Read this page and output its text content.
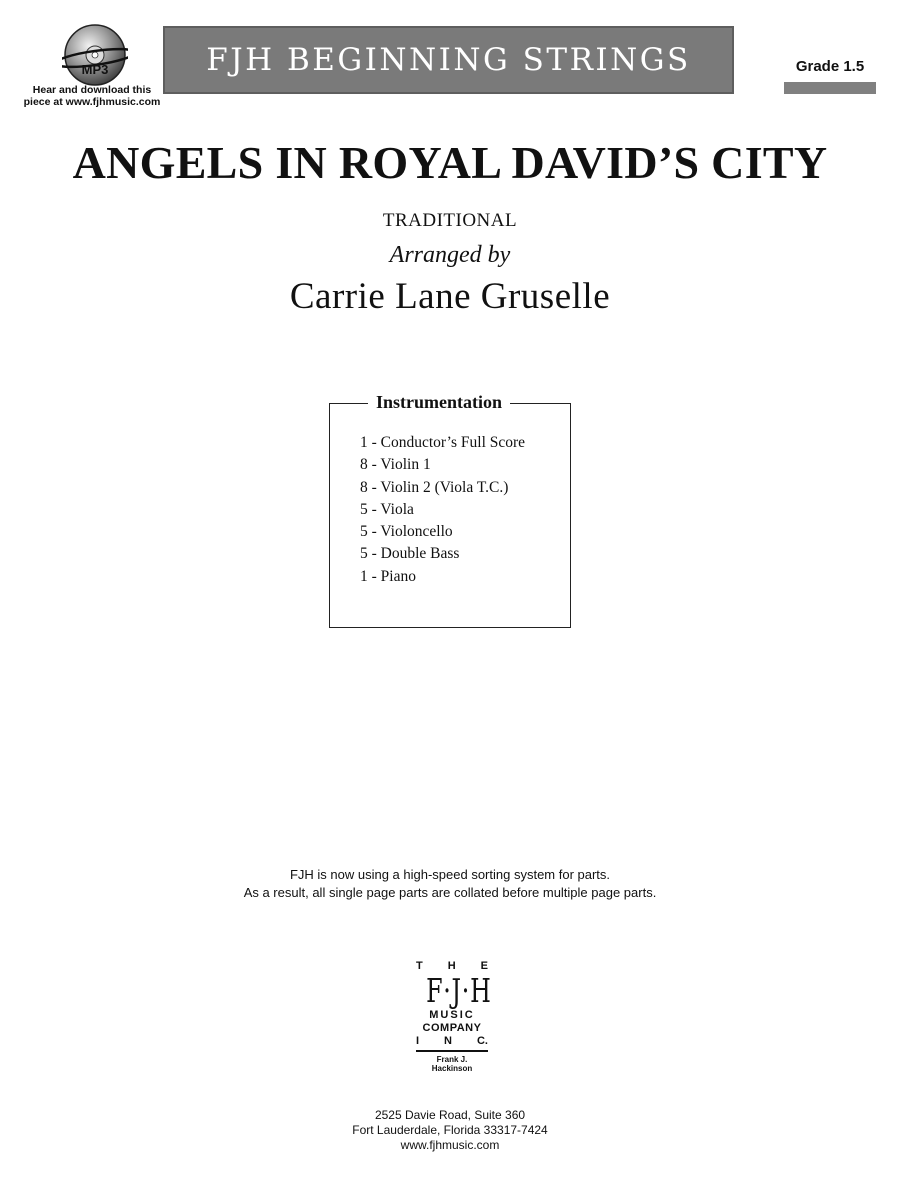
MP3
Hear and download this
piece at www.fjhmusic.com
FJH BEGINNING STRINGS	Grade 1.5
ANGELS IN ROYAL DAVID’S CITY
TRADITIONAL
Arranged by
Carrie Lane Gruselle
Instrumentation
1 - Conductor’s Full Score
8 - Violin 1
8 - Violin 2 (Viola T.C.)
5 - Viola
5 - Violoncello
5 - Double Bass
1 - Piano
FJH is now using a high-speed sorting system for parts.
As a result, all single page parts are collated before multiple page parts.
T H E
F·J·H
MUSIC
COMPANY
I N C.
Frank J. Hackinson
2525 Davie Road, Suite 360
Fort Lauderdale, Florida 33317-7424
www.fjhmusic.com
